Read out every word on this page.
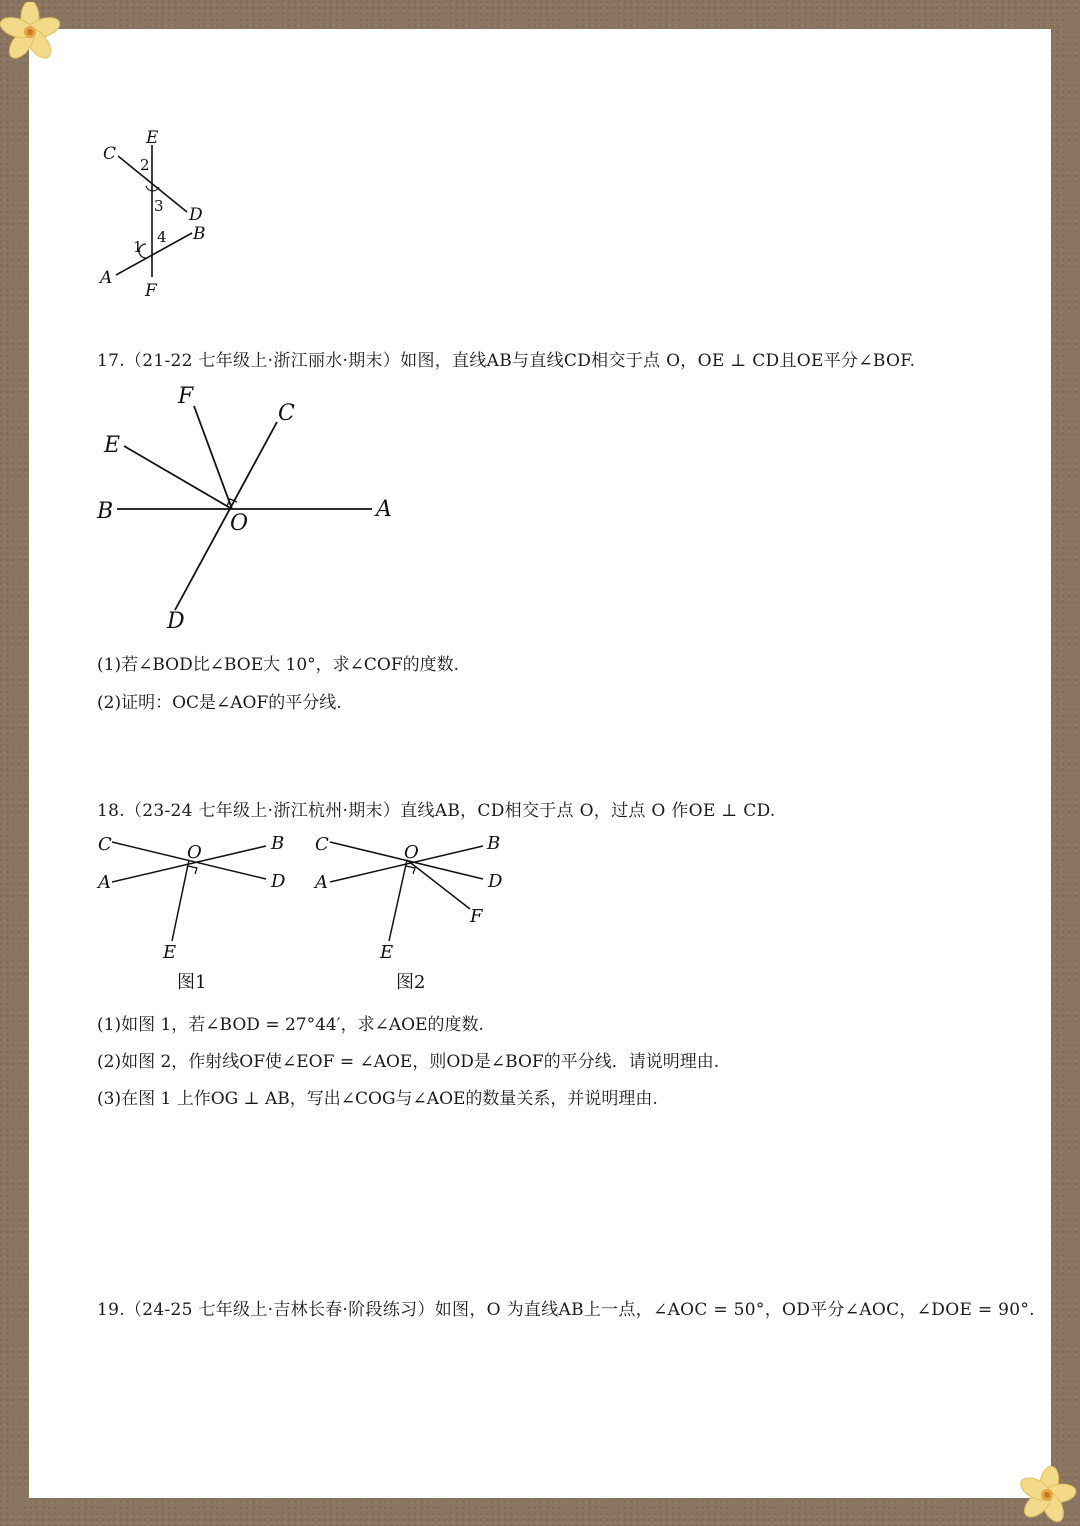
E
C
D
B
A
F
2
3
1
4
17.（21-22 七年级上·浙江丽水·期末）如图，直线AB与直线CD相交于点 O，OE ⊥ CD且OE平分∠BOF.
F
C
E
B	O
A
D
(1)若∠BOD比∠BOE大 10°，求∠COF的度数.
(2)证明：OC是∠AOF的平分线.
18.（23-24 七年级上·浙江杭州·期末）直线AB，CD相交于点 O，过点 O 作OE ⊥ CD.
C	O	B
A	D
E
图1
C	O	B
A	D
F
E
图2
(1)如图 1，若∠BOD = 27°44′，求∠AOE的度数.
(2)如图 2，作射线OF使∠EOF = ∠AOE，则OD是∠BOF的平分线．请说明理由.
(3)在图 1 上作OG ⊥ AB，写出∠COG与∠AOE的数量关系，并说明理由.
19.（24-25 七年级上·吉林长春·阶段练习）如图，O 为直线AB上一点，∠AOC = 50°，OD平分∠AOC，∠DOE = 90°.
